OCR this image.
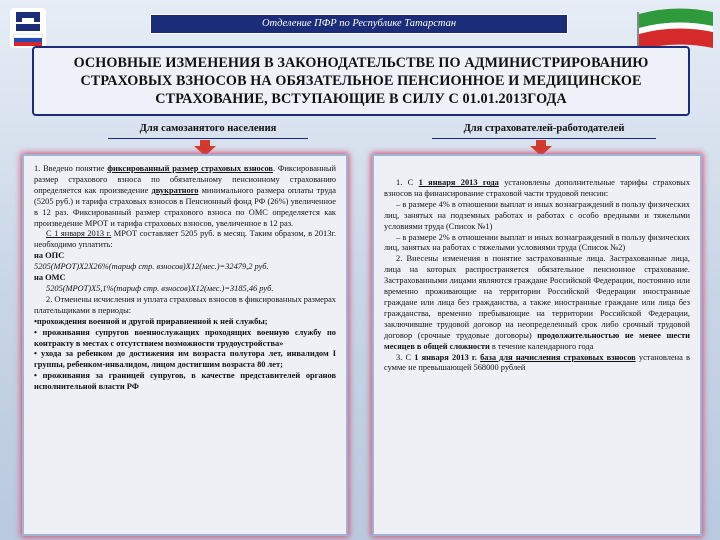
Отделение ПФР по Республике Татарстан
ОСНОВНЫЕ ИЗМЕНЕНИЯ В ЗАКОНОДАТЕЛЬСТВЕ ПО АДМИНИСТРИРОВАНИЮ
СТРАХОВЫХ ВЗНОСОВ НА ОБЯЗАТЕЛЬНОЕ ПЕНСИОННОЕ И МЕДИЦИНСКОЕ
СТРАХОВАНИЕ, ВСТУПАЮЩИЕ В СИЛУ С 01.01.2013ГОДА
Для самозанятого населения	Для страхователей-работодателей

1. Введено понятие фиксированный размер страховых взносов. Фиксированный размер страхового взноса по обязательному пенсионному страхованию определяется как произведение двукратного минимального размера оплаты труда (5205 руб.) и тарифа страховых взносов в Пенсионный фонд РФ (26%) увеличенное в 12 раз. Фиксированный размер страхового взноса по ОМС определяется как произведение МРОТ и тарифа страховых взносов, увеличенное в 12 раз.

С 1 января 2013 г. МРОТ составляет 5205 руб. в месяц. Таким образом, в 2013г. необходимо уплатить:

на ОПС

5205(МРОТ)Х2Х26%(тариф стр. взносов)Х12(мес.)=32479,2 руб.

на ОМС

5205(МРОТ)Х5,1%(тариф стр. взносов)Х12(мес.)=3185,46 руб.

2. Отменены исчисления и уплата страховых взносов в фиксированных размерах плательщиками в периоды:

•прохождения военной и другой приравненной к ней службы;

• проживания супругов военнослужащих проходящих военную службу по контракту в местах с отсутствием возможности трудоустройства»

• ухода за ребенком до достижения им возраста полутора лет, инвалидом I группы, ребенком-инвалидом, лицом достигшим возраста 80 лет;

• проживания за границей супругов, в качестве представителей органов исполнительной власти РФ

1. С 1 января 2013 года установлены дополнительные тарифы страховых взносов на финансирование страховой части трудовой пенсии:

– в размере 4% в отношении выплат и иных вознаграждений в пользу физических лиц, занятых на подземных работах и работах с особо вредными и тяжелыми условиями труда (Список №1)

– в размере 2% в отношении выплат и иных вознаграждений в пользу физических лиц, занятых на работах с тяжелыми условиями труда (Список №2)

2. Внесены изменения в понятие застрахованные лица. Застрахованные лица, лица на которых распространяется обязательное пенсионное страхование. Застрахованными лицами являются граждане Российской Федерации, постоянно или временно проживающие на территории Российской Федерации иностранные граждане или лица без гражданства, а также иностранные граждане или лица без гражданства, временно пребывающие на территории Российской Федерации, заключившие трудовой договор на неопределенный срок либо срочный трудовой договор (срочные трудовые договоры) продолжительностью не менее шести месяцев в общей сложности в течение календарного года

3. С 1 января 2013 г. база для начисления страховых взносов установлена в сумме не превышающей 568000 рублей
